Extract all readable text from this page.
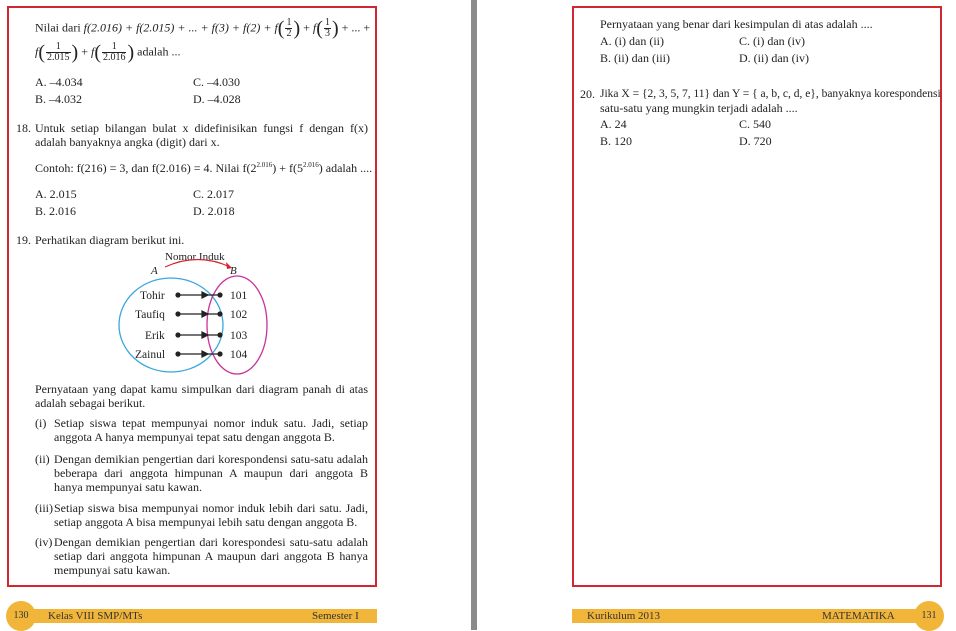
Nilai dari f(2.016) + f(2.015) + ... + $f(3) + f(2) + f( \frac{1}{2}$ ) + $f( \frac{1}{3}$ ) + ... +
$f( \frac{1}{2.015}$ ) + $f( \frac{1}{2.016}$ ) adalah ...
A. –4.034	C. –4.030
B. –4.032	D. –4.028
18. Untuk setiap bilangan bulat x didefinisikan fungsi f dengan f(x) adalah banyaknya angka (digit) dari x.
Contoh: f(216) = 3, dan f(2.016) = 4. Nilai $f(2^{2.016}) + f(5^{2.016})$ adalah ....
A. 2.015	C. 2.017
B. 2.016	D. 2.018
19. Perhatikan diagram berikut ini.
Nomor Induk
A	B
Tohir
Taufiq
Erik
Zainul
101
102
103
104
Pernyataan yang dapat kamu simpulkan dari diagram panah di atas adalah sebagai berikut.
(i) Setiap siswa tepat mempunyai nomor induk satu. Jadi, setiap anggota A hanya mempunyai tepat satu dengan anggota B.
(ii) Dengan demikian pengertian dari korespondensi satu-satu adalah beberapa dari anggota himpunan A maupun dari anggota B hanya mempunyai satu kawan.
(iii) Setiap siswa bisa mempunyai nomor induk lebih dari satu. Jadi, setiap anggota A bisa mempunyai lebih satu dengan anggota B.
(iv) Dengan demikian pengertian dari korespondesi satu-satu adalah setiap dari anggota himpunan A maupun dari anggota B hanya mempunyai satu kawan.
130	Kelas VIII SMP/MTs	Semester I
Pernyataan yang benar dari kesimpulan di atas adalah ....
A. (i) dan (ii)	C. (i) dan (iv)
B. (ii) dan (iii)	D. (ii) dan (iv)
20. Jika X = {2, 3, 5, 7, 11} dan Y = { a, b, c, d, e}, banyaknya korespondensi
satu-satu yang mungkin terjadi adalah ....
A. 24	C. 540
B. 120	D. 720
131
Kurikulum 2013	MATEMATIKA
